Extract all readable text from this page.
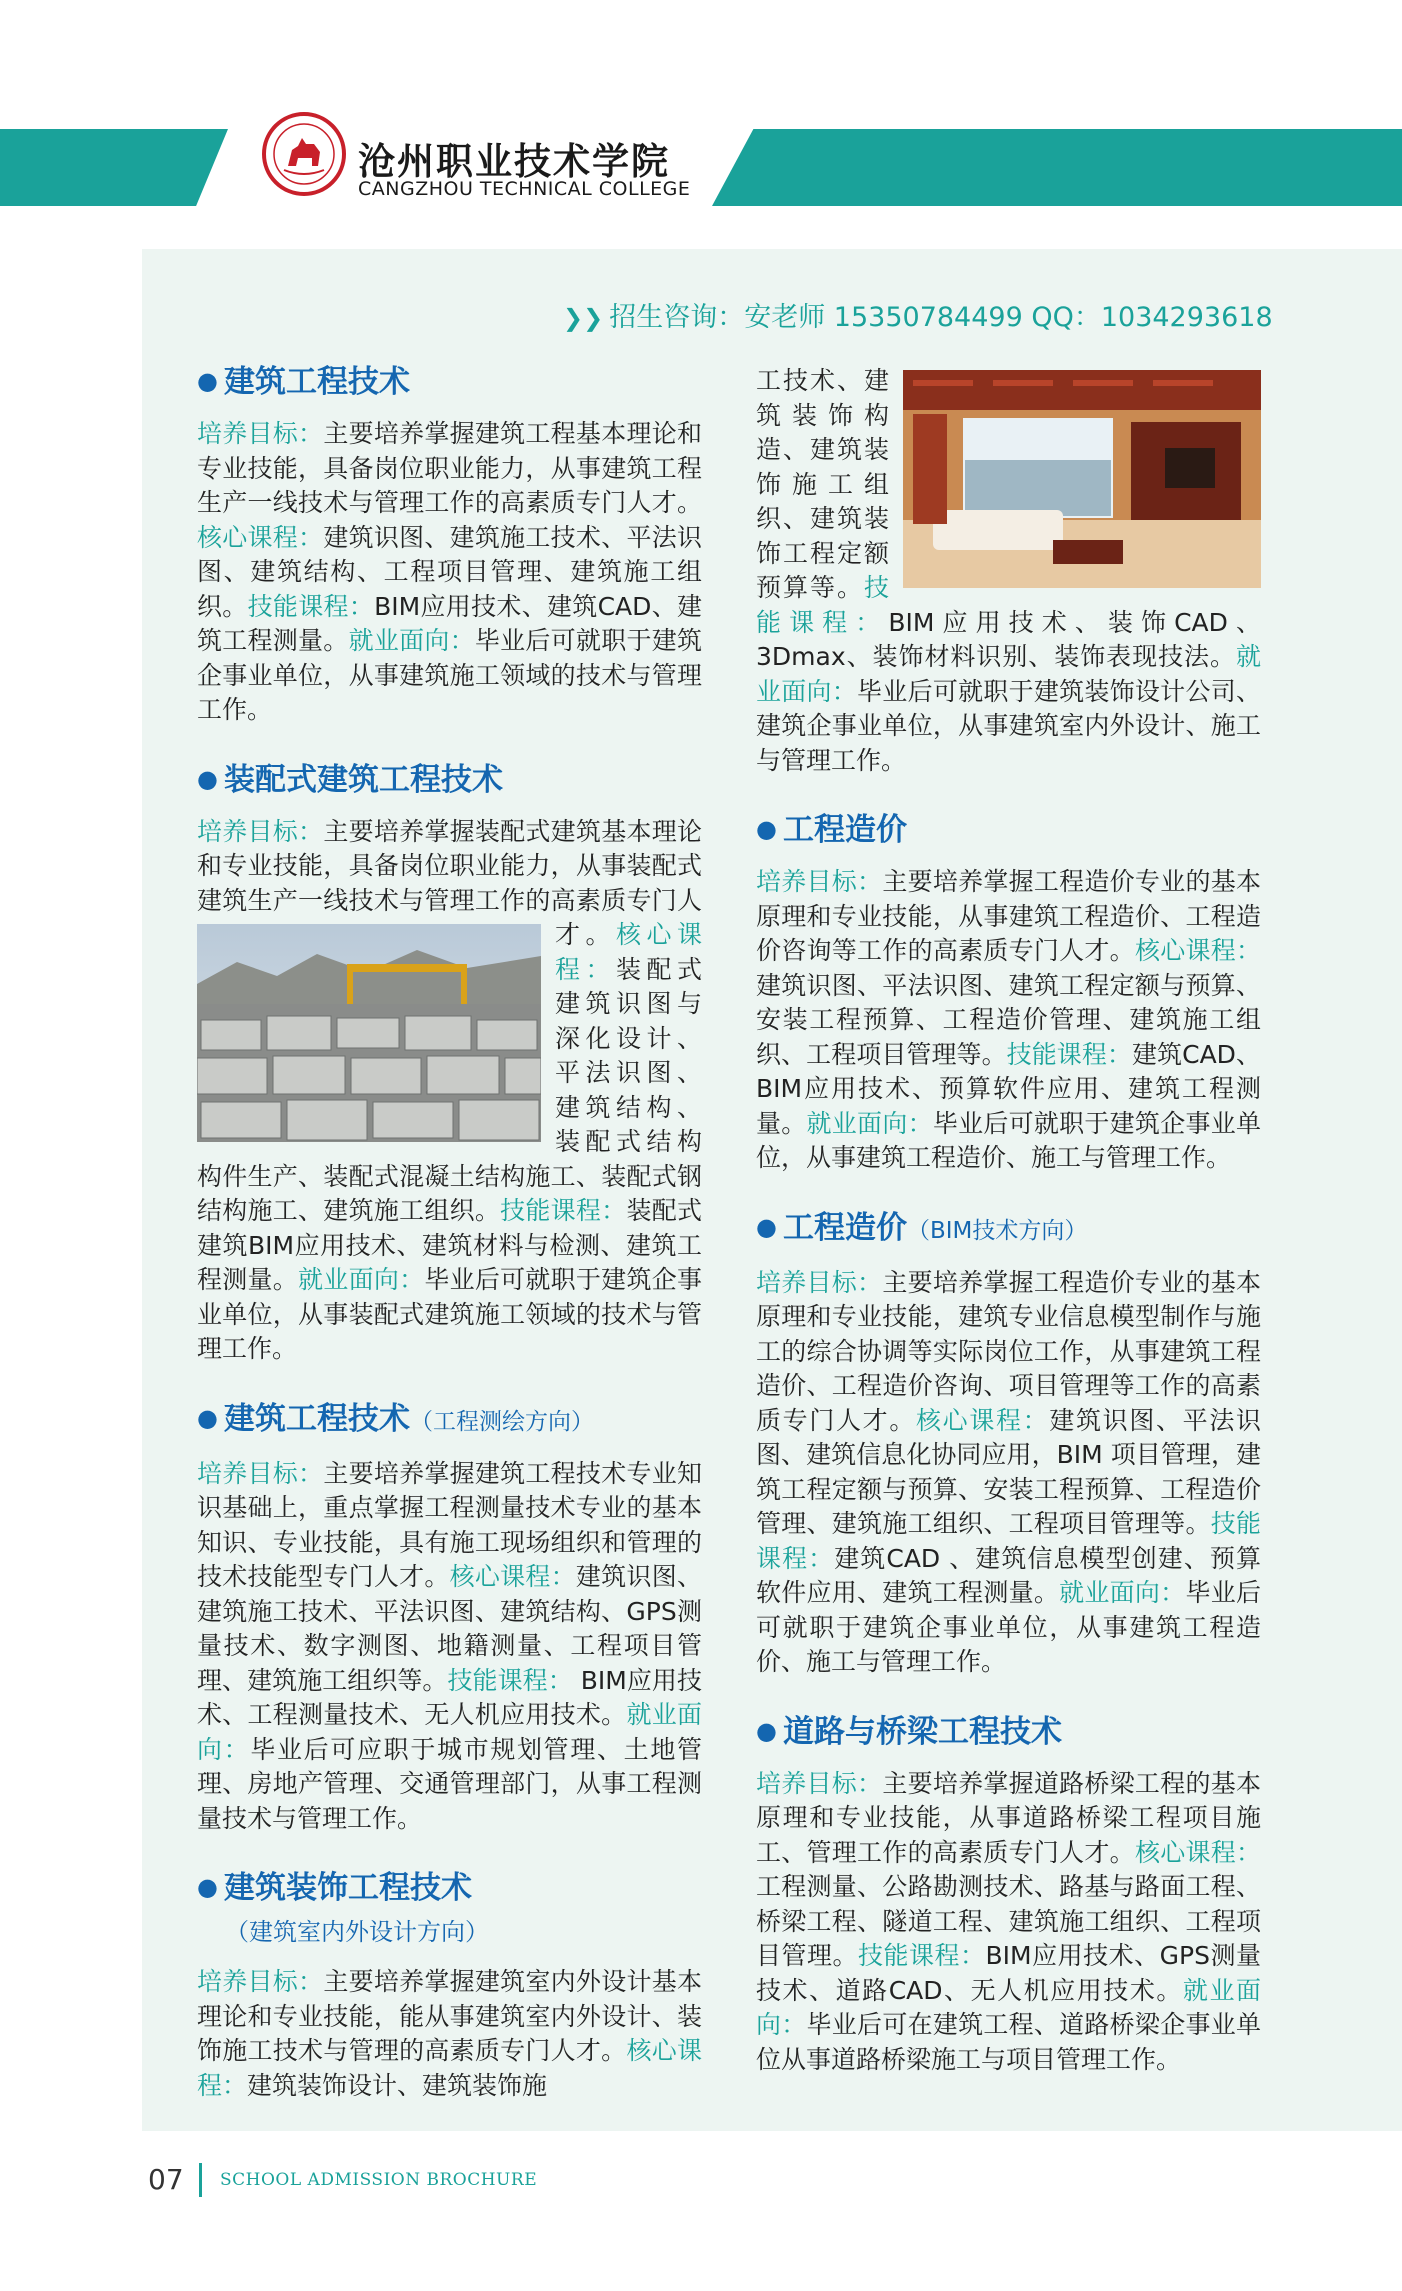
沧州职业技术学院

CANGZHOU TECHNICAL COLLEGE

❯❯ 招生咨询：安老师 15350784499 QQ：1034293618
● 建筑工程技术

培养目标：主要培养掌握建筑工程基本理论和专业技能，具备岗位职业能力，从事建筑工程生产一线技术与管理工作的高素质专门人才。核心课程：建筑识图、建筑施工技术、平法识图、建筑结构、工程项目管理、建筑施工组织。技能课程：BIM应用技术、建筑CAD、建筑工程测量。就业面向：毕业后可就职于建筑企事业单位，从事建筑施工领域的技术与管理工作。

● 装配式建筑工程技术

培养目标：主要培养掌握装配式建筑基本理论和专业技能，具备岗位职业能力，从事装配式建筑生产一线技术与管理工作的高素质专门人才。
核心课程：装配式建筑识图与深化设计、平法识图、建筑结构、装配式结构构件生产、装配式混凝土结构施工、装配式钢结构施工、建筑施工组织。技能课程：装配式建筑BIM应用技术、建筑材料与检测、建筑工程测量。就业面向：毕业后可就职于建筑企事业单位，从事装配式建筑施工领域的技术与管理工作。

● 建筑工程技术（工程测绘方向）

培养目标：主要培养掌握建筑工程技术专业知识基础上，重点掌握工程测量技术专业的基本知识、专业技能，具有施工现场组织和管理的技术技能型专门人才。核心课程：建筑识图、建筑施工技术、平法识图、建筑结构、GPS测量技术、数字测图、地籍测量、工程项目管理、建筑施工组织等。技能课程： BIM应用技术、工程测量技术、无人机应用技术。就业面向：毕业后可应职于城市规划管理、土地管理、房地产管理、交通管理部门，从事工程测量技术与管理工作。

● 建筑装饰工程技术
（建筑室内外设计方向）

培养目标：主要培养掌握建筑室内外设计基本理论和专业技能，能从事建筑室内外设计、装饰施工技术与管理的高素质专门人才。核心课程：建筑装饰设计、建筑装饰施

工技术、建筑装饰构造、建筑装饰施工组织、建筑装饰工程定额预算等。技能课程：BIM应用技术、装饰CAD、3Dmax、装饰材料识别、装饰表现技法。就业面向：毕业后可就职于建筑装饰设计公司、建筑企事业单位，从事建筑室内外设计、施工与管理工作。

● 工程造价

培养目标：主要培养掌握工程造价专业的基本原理和专业技能，从事建筑工程造价、工程造价咨询等工作的高素质专门人才。核心课程：建筑识图、平法识图、建筑工程定额与预算、安装工程预算、工程造价管理、建筑施工组织、工程项目管理等。技能课程：建筑CAD、BIM应用技术、预算软件应用、建筑工程测量。就业面向：毕业后可就职于建筑企事业单位，从事建筑工程造价、施工与管理工作。

● 工程造价（BIM技术方向）

培养目标：主要培养掌握工程造价专业的基本原理和专业技能，建筑专业信息模型制作与施工的综合协调等实际岗位工作，从事建筑工程造价、工程造价咨询、项目管理等工作的高素质专门人才。核心课程：建筑识图、平法识图、建筑信息化协同应用，BIM 项目管理，建筑工程定额与预算、安装工程预算、工程造价管理、建筑施工组织、工程项目管理等。技能课程：建筑CAD 、建筑信息模型创建、预算软件应用、建筑工程测量。就业面向：毕业后可就职于建筑企事业单位，从事建筑工程造价、施工与管理工作。

● 道路与桥梁工程技术

培养目标：主要培养掌握道路桥梁工程的基本原理和专业技能，从事道路桥梁工程项目施工、管理工作的高素质专门人才。核心课程：工程测量、公路勘测技术、路基与路面工程、桥梁工程、隧道工程、建筑施工组织、工程项目管理。技能课程：BIM应用技术、GPS测量技术、道路CAD、无人机应用技术。就业面向：毕业后可在建筑工程、道路桥梁企事业单位从事道路桥梁施工与项目管理工作。

07 SCHOOL ADMISSION BROCHURE
